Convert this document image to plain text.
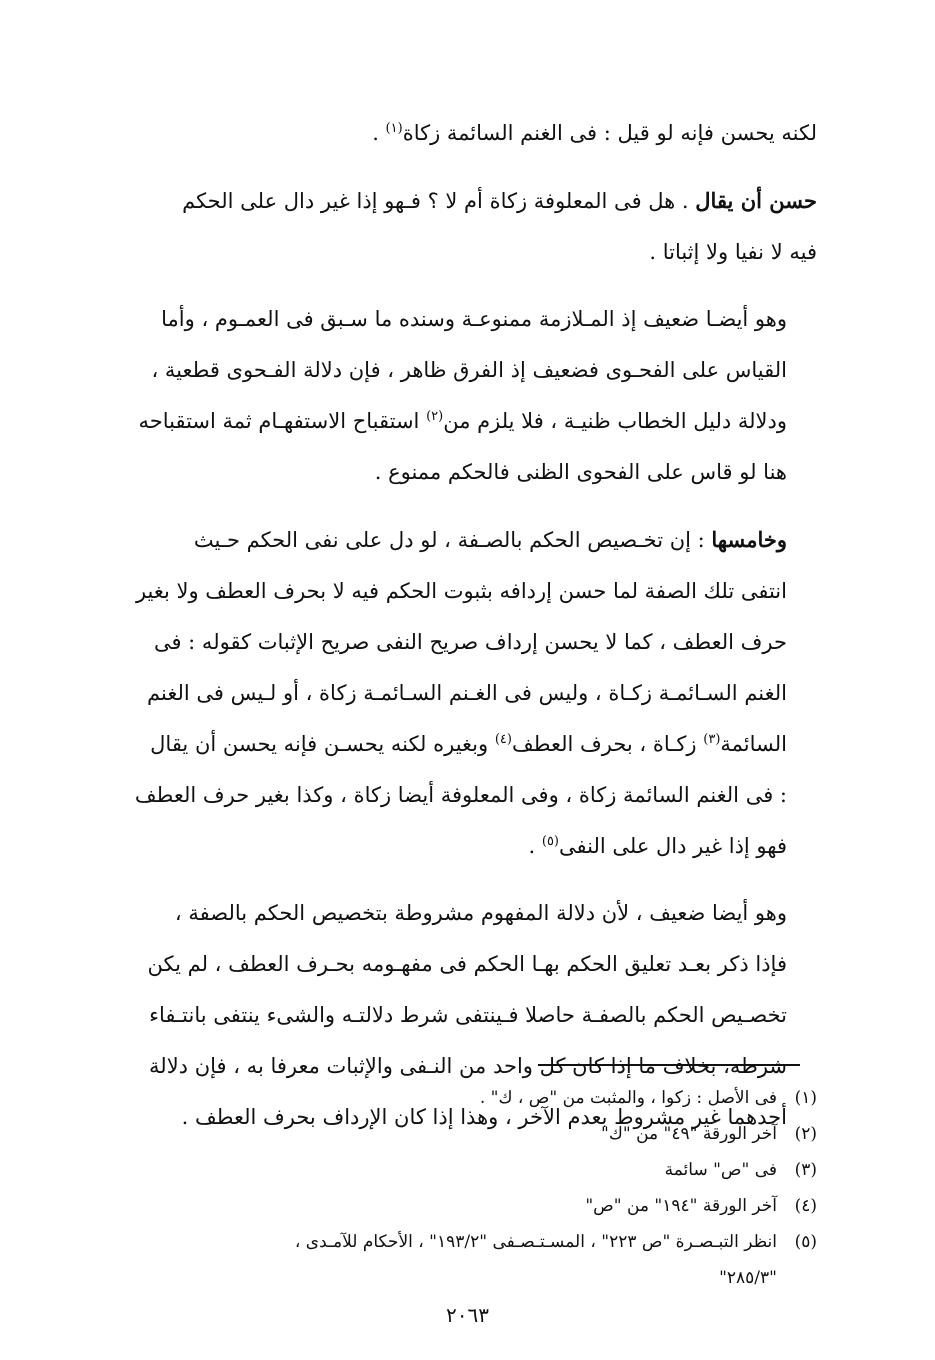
لكنه يحسن فإنه لو قيل : فى الغنم السائمة زكاة$^{(١)}$ .
حسن أن يقال . هل فى المعلوفة زكاة أم لا ؟ فـهو إذا غير دال على الحكم
فيه لا نفيا ولا إثباتا .
وهو أيضـا ضعيف إذ المـلازمة ممنوعـة وسنده ما سـبق فى العمـوم ، وأما
القياس على الفحـوى فضعيف إذ الفرق ظاهر ، فإن دلالة الفـحوى قطعية ،
ودلالة دليل الخطاب ظنيـة ، فلا يلزم من$^{(٢)}$ استقباح الاستفهـام ثمة استقباحه
هنا لو قاس على الفحوى الظنى فالحكم ممنوع .
وخامسها : إن تخـصيص الحكم بالصـفة ، لو دل على نفى الحكم حـيث
انتفى تلك الصفة لما حسن إردافه بثبوت الحكم فيه لا بحرف العطف ولا بغير
حرف العطف ، كما لا يحسن إرداف صريح النفى صريح الإثبات كقوله : فى
الغنم السـائمـة زكـاة ، وليس فى الغـنم السـائمـة زكاة ، أو لـيس فى الغنم
السائمة$^{(٣)}$ زكـاة ، بحرف العطف$^{(٤)}$ وبغيره لكنه يحسـن فإنه يحسن أن يقال
: فى الغنم السائمة زكاة ، وفى المعلوفة أيضا زكاة ، وكذا بغير حرف العطف
فهو إذا غير دال على النفى$^{(٥)}$ .
وهو أيضا ضعيف ، لأن دلالة المفهوم مشروطة بتخصيص الحكم بالصفة ،
فإذا ذكر بعـد تعليق الحكم بهـا الحكم فى مفهـومه بحـرف العطف ، لم يكن
تخصـيص الحكم بالصفـة حاصلا فـينتفى شرط دلالتـه والشىء ينتفى بانتـفاء
شرطه، بخلاف ما إذا كان كل واحد من النـفى والإثبات معرفا به ، فإن دلالة
أحدهما غير مشروط بعدم الآخر ، وهذا إذا كان الإرداف بحرف العطف .
(١)
فى الأصل : زكوا ، والمثبت من "ص ، ك" .
(٢)
آخر الورقة "٤٩" من "ك"
(٣)
فى "ص" سائمة
(٤)
آخر الورقة "١٩٤" من "ص"
(٥)
انظر التبـصـرة "ص ٢٢٣" ، المسـتـصـفى "١٩٣/٢" ، الأحكام للآمـدى ،
"٢٨٥/٣"
٢٠٦٣
